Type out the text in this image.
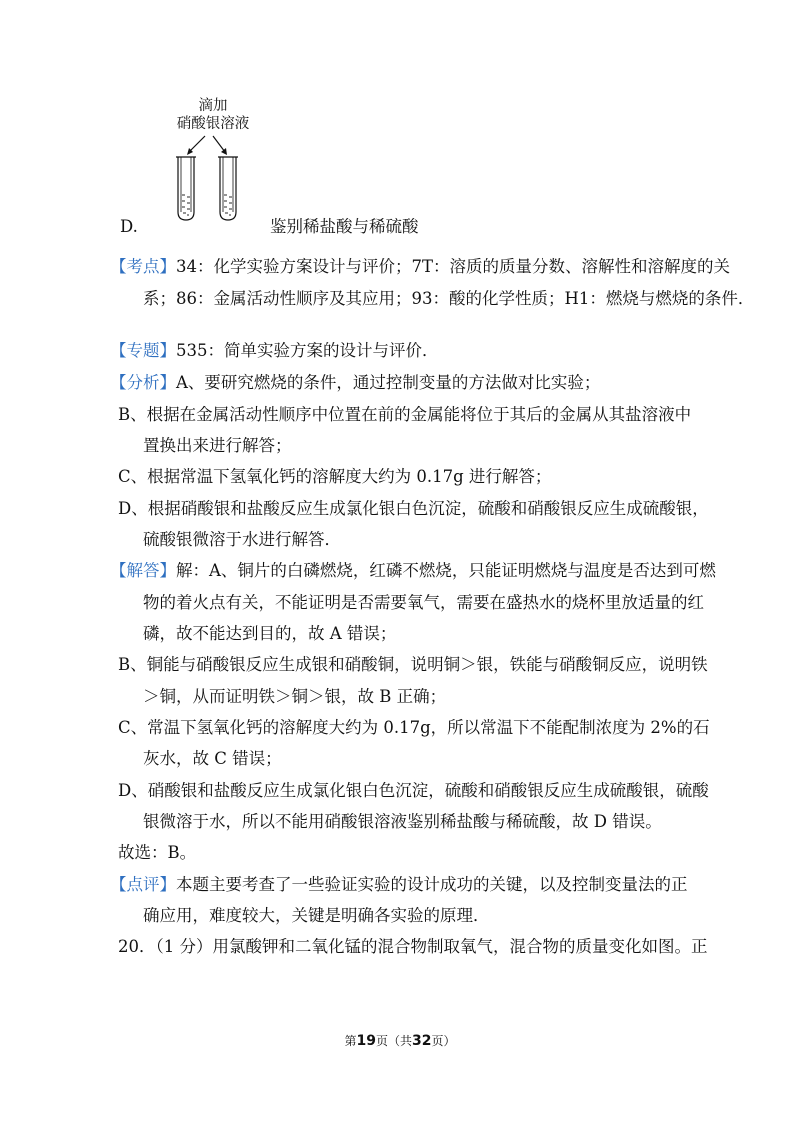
滴加
硝酸银溶液
D.	鉴别稀盐酸与稀硫酸
【考点】34：化学实验方案设计与评价；7T：溶质的质量分数、溶解性和溶解度的关
系；86：金属活动性顺序及其应用；93：酸的化学性质；H1：燃烧与燃烧的条件．
【专题】535：简单实验方案的设计与评价．
【分析】A、要研究燃烧的条件，通过控制变量的方法做对比实验；
B、根据在金属活动性顺序中位置在前的金属能将位于其后的金属从其盐溶液中
置换出来进行解答；
C、根据常温下氢氧化钙的溶解度大约为 0.17g 进行解答；
D、根据硝酸银和盐酸反应生成氯化银白色沉淀，硫酸和硝酸银反应生成硫酸银，
硫酸银微溶于水进行解答．
【解答】解：A、铜片的白磷燃烧，红磷不燃烧，只能证明燃烧与温度是否达到可燃
物的着火点有关，不能证明是否需要氧气，需要在盛热水的烧杯里放适量的红
磷，故不能达到目的，故 A 错误；
B、铜能与硝酸银反应生成银和硝酸铜，说明铜＞银，铁能与硝酸铜反应，说明铁
＞铜，从而证明铁＞铜＞银，故 B 正确；
C、常温下氢氧化钙的溶解度大约为 0.17g，所以常温下不能配制浓度为 2%的石
灰水，故 C 错误；
D、硝酸银和盐酸反应生成氯化银白色沉淀，硫酸和硝酸银反应生成硫酸银，硫酸
银微溶于水，所以不能用硝酸银溶液鉴别稀盐酸与稀硫酸，故 D 错误。
故选：B。
【点评】本题主要考查了一些验证实验的设计成功的关键，以及控制变量法的正
确应用，难度较大，关键是明确各实验的原理．
20．（1 分）用氯酸钾和二氧化锰的混合物制取氧气，混合物的质量变化如图。正
第19页（共32页）
